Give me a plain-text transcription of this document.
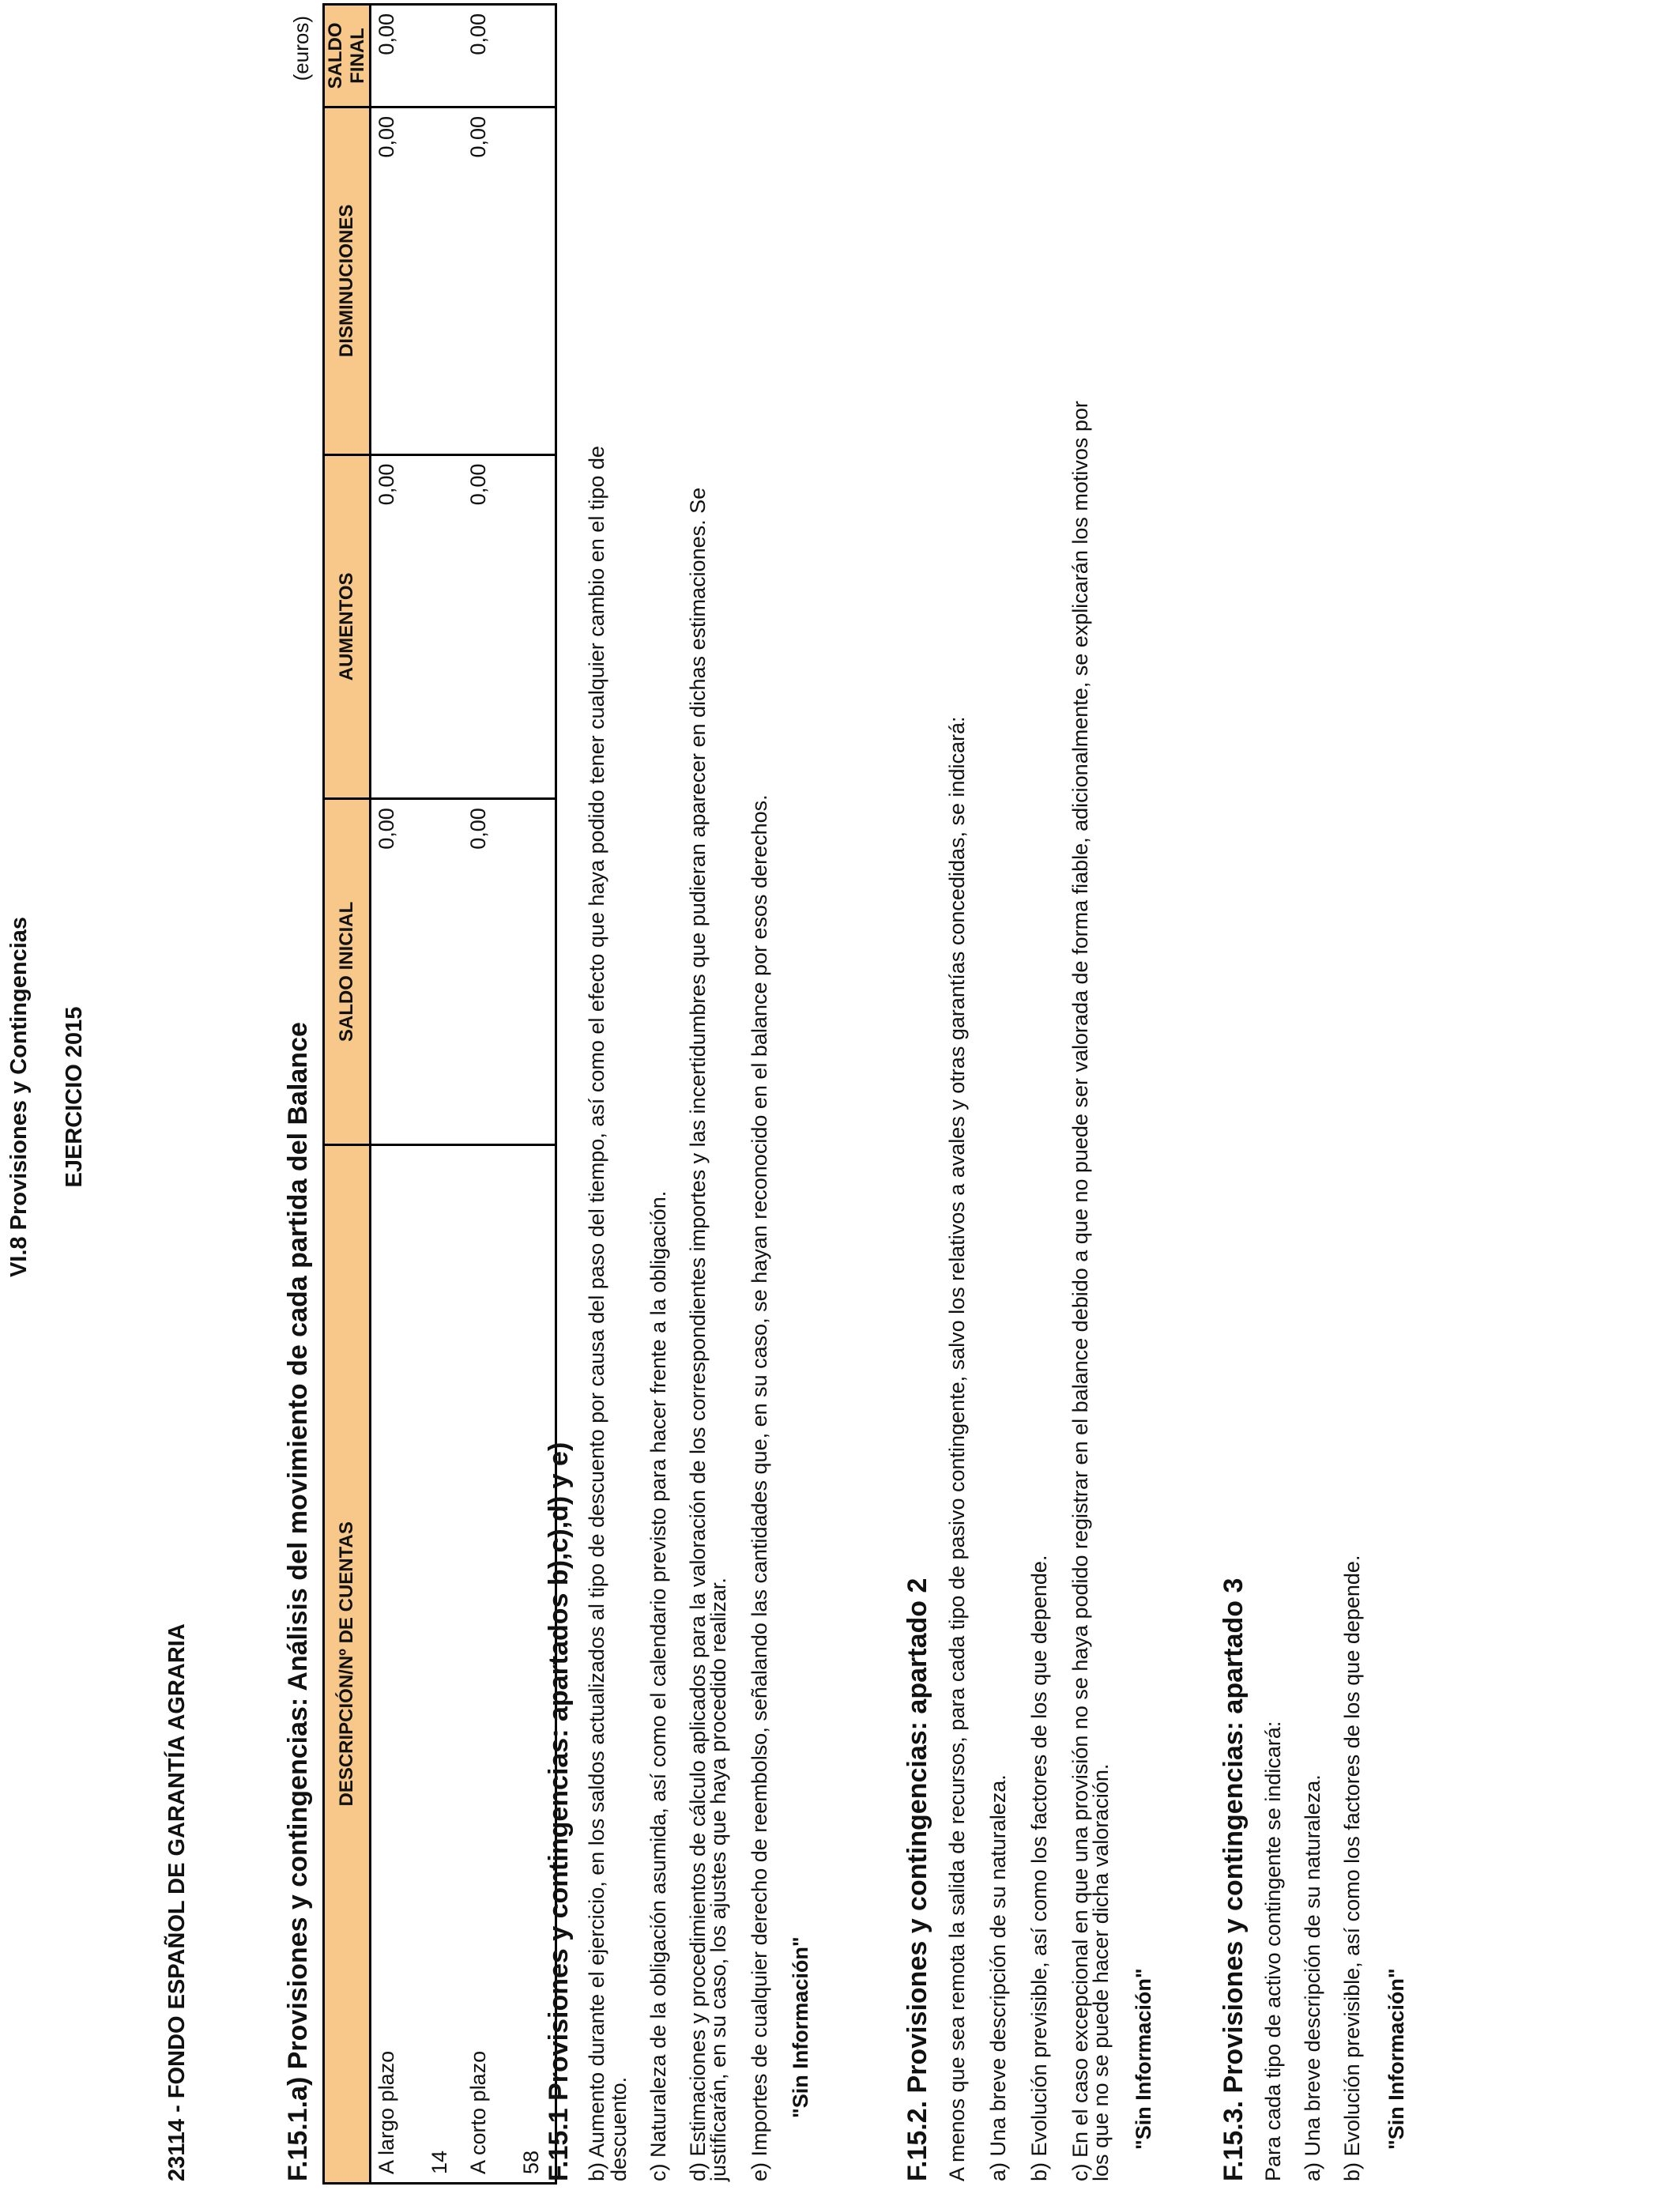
VI.8 Provisiones y Contingencias EJERCICIO 2015
23114 - FONDO ESPAÑOL DE GARANTÍA AGRARIA	F.15.1.a) Provisiones y contingencias: Análisis del movimiento de cada partida del Balance
(euros)
DESCRIPCIÓN/Nº DE CUENTAS	SALDO INICIAL	AUMENTOS	DISMINUCIONES	SALDO FINAL
A largo plazo	0,00	0,00	0,00	0,00
14				
A corto plazo	0,00	0,00	0,00	0,00
58				F.15.1 Provisiones y contingencias: apartados b),c),d) y e) b) Aumento durante el ejercicio, en los saldos actualizados al tipo de descuento por causa del paso del tiempo, así como el efecto que haya podido tener cualquier cambio en el tipo de
descuento. c) Naturaleza de la obligación asumida, así como el calendario previsto para hacer frente a la obligación. d) Estimaciones y procedimientos de cálculo aplicados para la valoración de los correspondientes importes y las incertidumbres que pudieran aparecer en dichas estimaciones. Se
justificarán, en su caso, los ajustes que haya procedido realizar. e) Importes de cualquier derecho de reembolso, señalando las cantidades que, en su caso, se hayan reconocido en el balance por esos derechos. "Sin Información"	F.15.2. Provisiones y contingencias: apartado 2 A menos que sea remota la salida de recursos, para cada tipo de pasivo contingente, salvo los relativos a avales y otras garantías concedidas, se indicará: a) Una breve descripción de su naturaleza. b) Evolución previsible, así como los factores de los que depende. c) En el caso excepcional en que una provisión no se haya podido registrar en el balance debido a que no puede ser valorada de forma fiable, adicionalmente, se explicarán los motivos por
los que no se puede hacer dicha valoración. "Sin Información" F.15.3. Provisiones y contingencias: apartado 3 Para cada tipo de activo contingente se indicará: a) Una breve descripción de su naturaleza. b) Evolución previsible, así como los factores de los que depende. "Sin Información"
